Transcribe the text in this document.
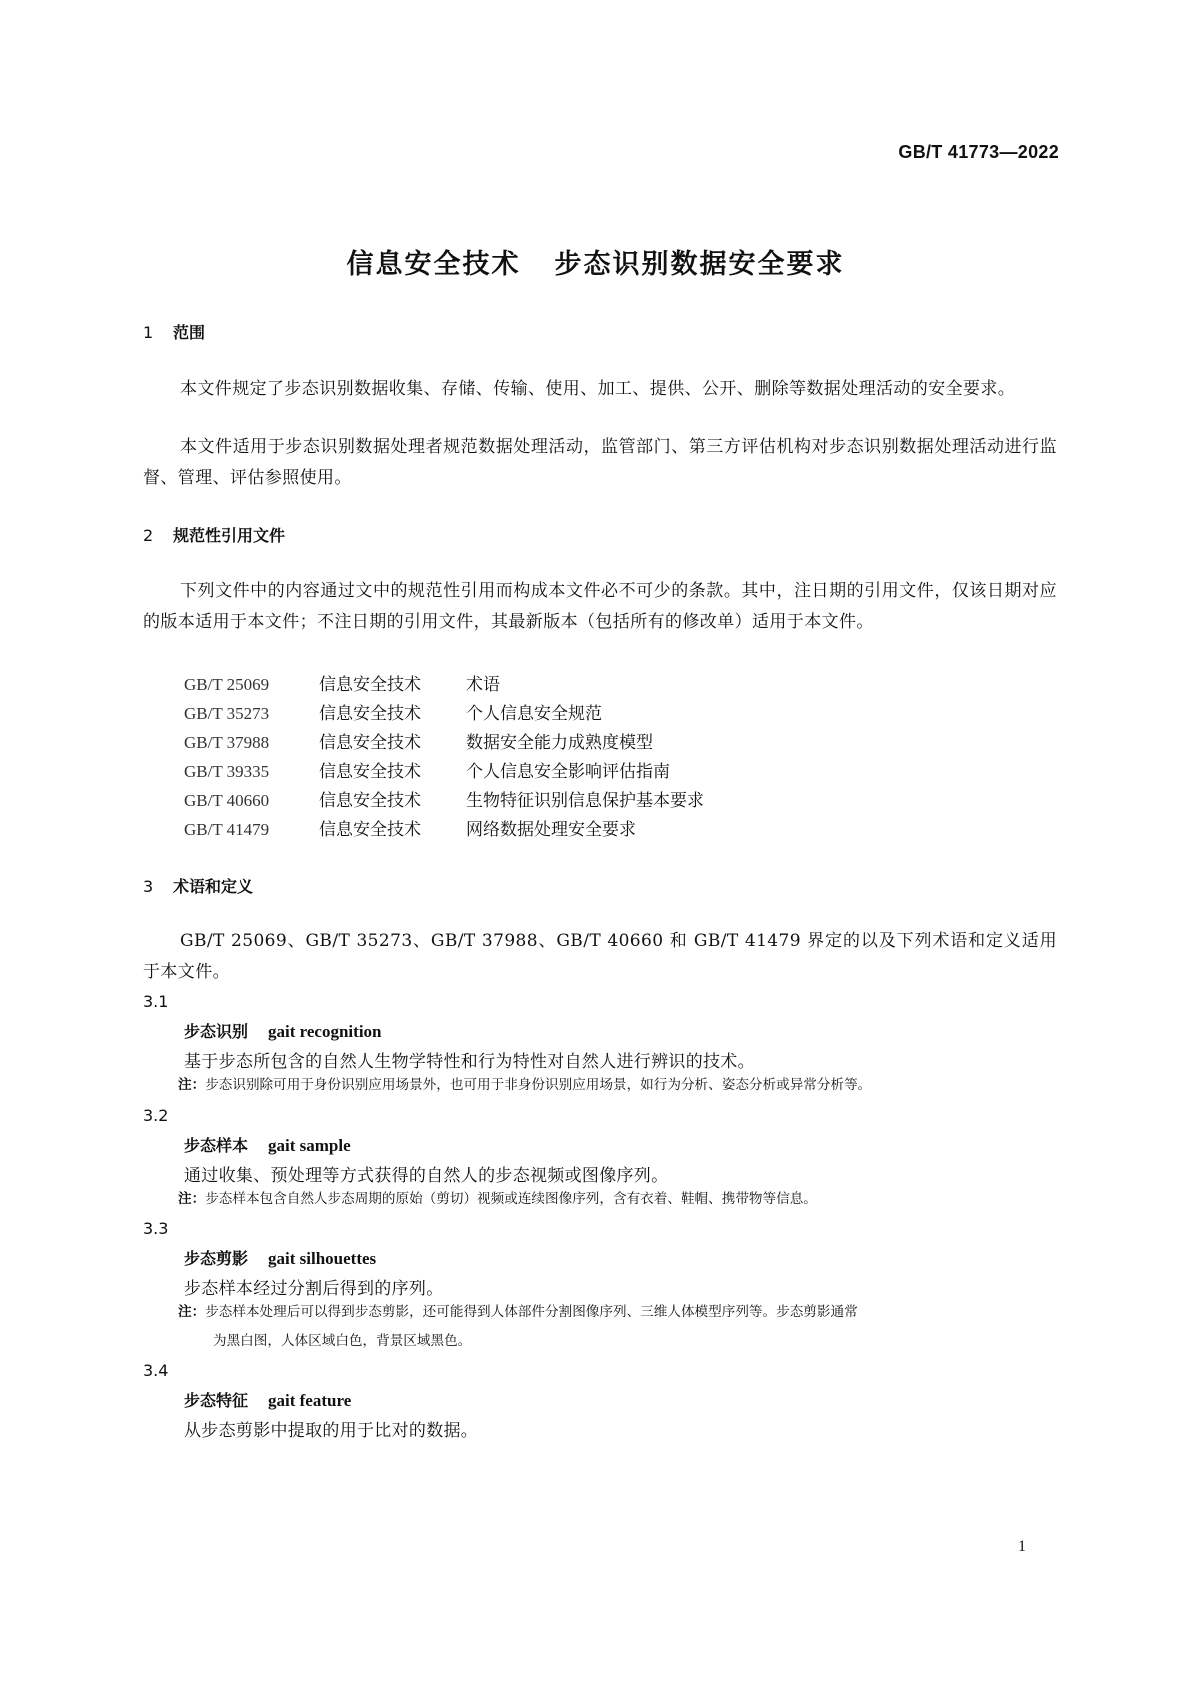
GB/T 41773—2022
信息安全技术 步态识别数据安全要求
1 范围
本文件规定了步态识别数据收集、存储、传输、使用、加工、提供、公开、删除等数据处理活动的安全要求。
本文件适用于步态识别数据处理者规范数据处理活动，监管部门、第三方评估机构对步态识别数据处理活动进行监督、管理、评估参照使用。
2 规范性引用文件
下列文件中的内容通过文中的规范性引用而构成本文件必不可少的条款。其中，注日期的引用文件，仅该日期对应的版本适用于本文件；不注日期的引用文件，其最新版本（包括所有的修改单）适用于本文件。
GB/T 25069	信息安全技术	术语
GB/T 35273	信息安全技术	个人信息安全规范
GB/T 37988	信息安全技术	数据安全能力成熟度模型
GB/T 39335	信息安全技术	个人信息安全影响评估指南
GB/T 40660	信息安全技术	生物特征识别信息保护基本要求
GB/T 41479	信息安全技术	网络数据处理安全要求
3 术语和定义
GB/T 25069、GB/T 35273、GB/T 37988、GB/T 40660 和 GB/T 41479 界定的以及下列术语和定义适用于本文件。
3.1
步态识别 gait recognition
基于步态所包含的自然人生物学特性和行为特性对自然人进行辨识的技术。
注：步态识别除可用于身份识别应用场景外，也可用于非身份识别应用场景，如行为分析、姿态分析或异常分析等。
3.2
步态样本 gait sample
通过收集、预处理等方式获得的自然人的步态视频或图像序列。
注：步态样本包含自然人步态周期的原始（剪切）视频或连续图像序列，含有衣着、鞋帽、携带物等信息。
3.3
步态剪影 gait silhouettes
步态样本经过分割后得到的序列。
注：步态样本处理后可以得到步态剪影，还可能得到人体部件分割图像序列、三维人体模型序列等。步态剪影通常
为黑白图，人体区域白色，背景区域黑色。
3.4
步态特征 gait feature
从步态剪影中提取的用于比对的数据。
1
